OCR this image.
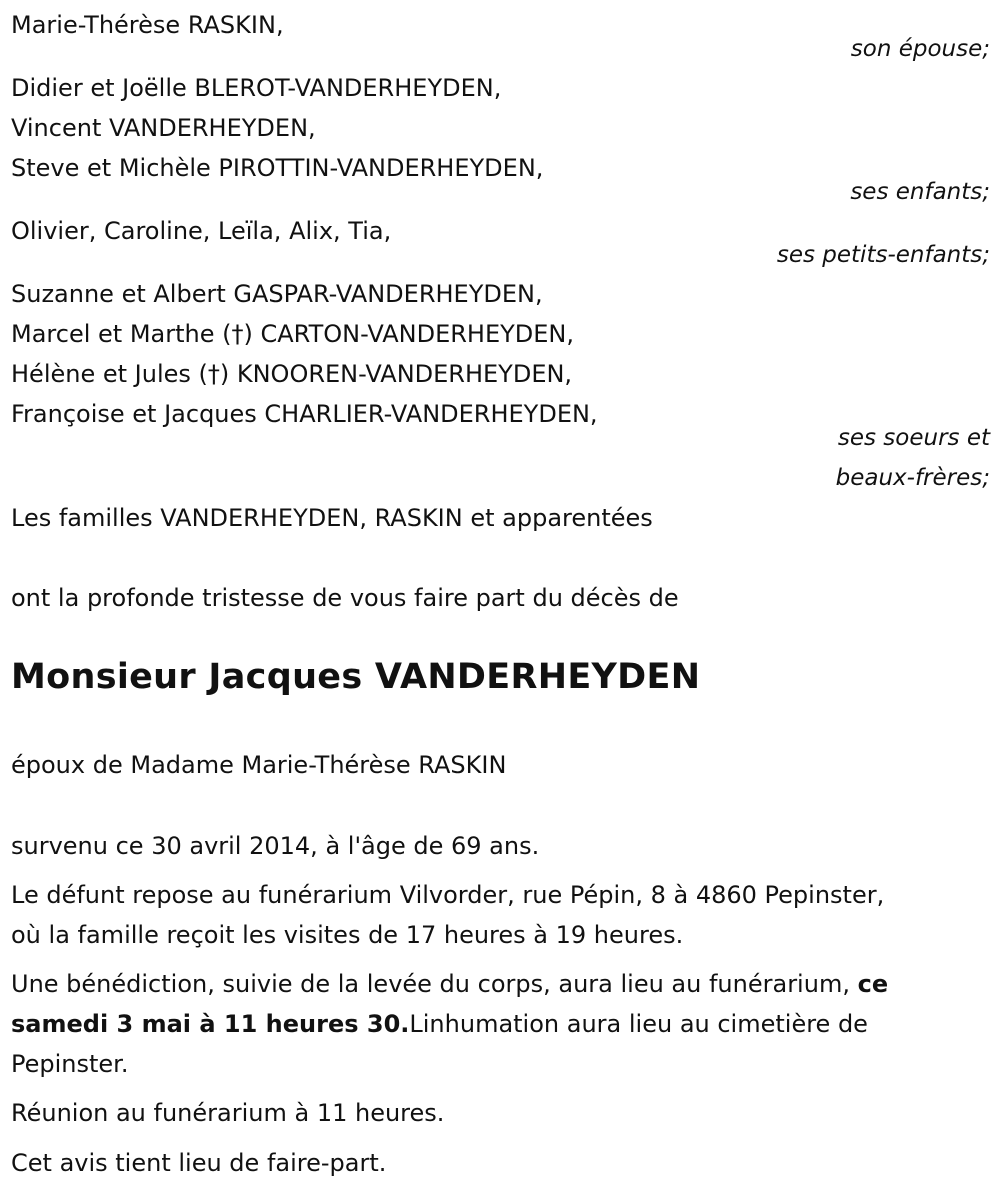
Marie-Thérèse RASKIN,
son épouse;
Didier et Joëlle BLEROT-VANDERHEYDEN,
Vincent VANDERHEYDEN,
Steve et Michèle PIROTTIN-VANDERHEYDEN,
ses enfants;
Olivier, Caroline, Leïla, Alix, Tia,
ses petits-enfants;
Suzanne et Albert GASPAR-VANDERHEYDEN,
Marcel et Marthe (†) CARTON-VANDERHEYDEN,
Hélène et Jules (†) KNOOREN-VANDERHEYDEN,
Françoise et Jacques CHARLIER-VANDERHEYDEN,
ses soeurs et
beaux-frères;
Les familles VANDERHEYDEN, RASKIN et apparentées
ont la profonde tristesse de vous faire part du décès de
Monsieur Jacques VANDERHEYDEN
époux de Madame Marie-Thérèse RASKIN
survenu ce 30 avril 2014, à l'âge de 69 ans.
Le défunt repose au funérarium Vilvorder, rue Pépin, 8 à 4860 Pepinster,
où la famille reçoit les visites de 17 heures à 19 heures.
Une bénédiction, suivie de la levée du corps, aura lieu au funérarium, ce
samedi 3 mai à 11 heures 30.Linhumation aura lieu au cimetière de
Pepinster.
Réunion au funérarium à 11 heures.
Cet avis tient lieu de faire-part.
